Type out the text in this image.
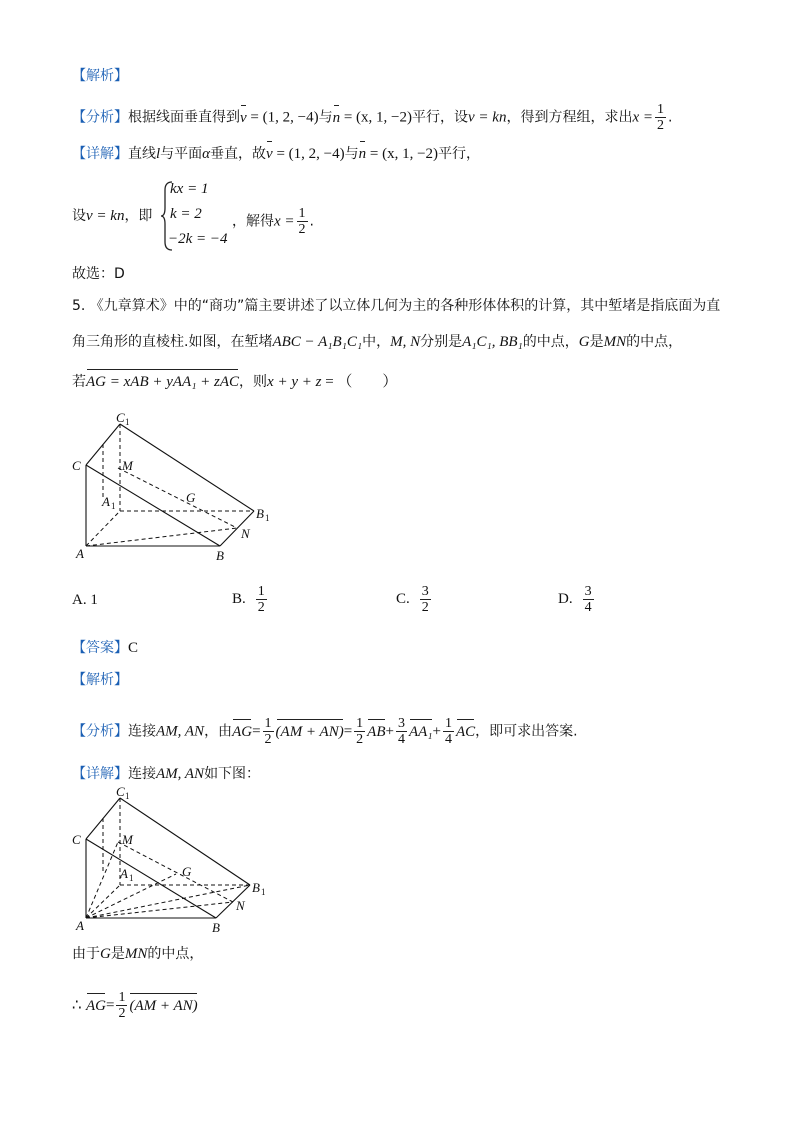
【解析】
【分析】根据线面垂直得到v = (1, 2, −4)与n = (x, 1, −2)平行，设v = kn，得到方程组，求出$x = \frac{1}{2}$ .
【详解】直线l与平面α垂直，故v = (1, 2, −4)与n = (x, 1, −2)平行，
设v = kn，即
kx = 1
k = 2
−2k = −4
，解得$x = \frac{1}{2}$ .
故选：D
5. 《九章算术》中的“商功”篇主要讲述了以立体几何为主的各种形体体积的计算，其中堑堵是指底面为直
角三角形的直棱柱.如图，在堑堵ABC − A₁B₁C₁中，M, N分别是A₁C₁, BB₁的中点，G是MN的中点，
若AG = xAB + yAA₁ + zAC，则x + y + z = （　　）
C 1
C	M
A 1
G
B 1
N
A	B
A. 1	B. $\frac{1}{2}$	C. $\frac{3}{2}$	D. $\frac{3}{4}$
【答案】C
【解析】
【分析】连接AM, AN，由$AG= \frac{1}{2} (AM + AN)= \frac{1}{2} AB+ \frac{3}{4} AA_1+ \frac{1}{4}$ AC，即可求出答案.
【详解】连接AM, AN如下图：
C 1
C	M
A 1	G
B 1
N
A	B
由于G是MN的中点，
∴ $AG= \frac{1}{2} (AM + AN)$
